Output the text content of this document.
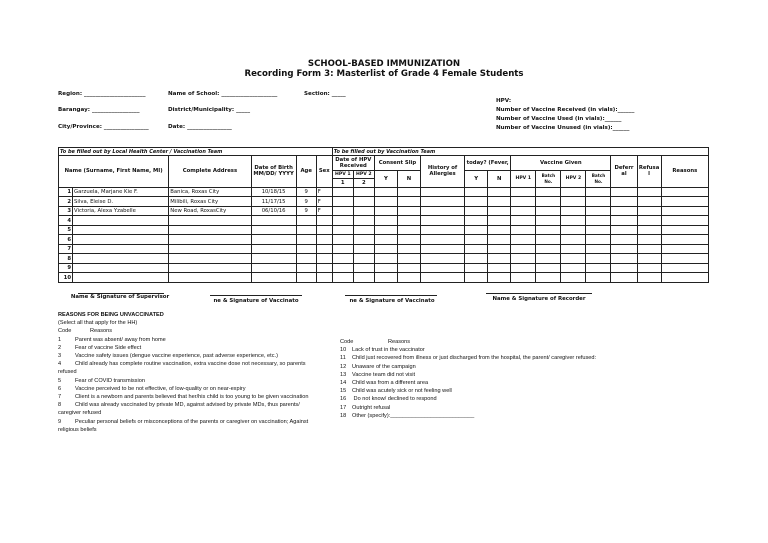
SCHOOL-BASED IMMUNIZATION
Recording Form 3: Masterlist of Grade 4 Female Students
Region: ______________________	Name of School: ____________________	Section: _____
Barangay: _________________	District/Municipality: _____
City/Province: ________________	Date: ________________
HPV:
Number of Vaccine Received (in vials):______
Number of Vaccine Used (in vials):______
Number of Vaccine Unused (in vials):______
To be filled out by Local Health Center / Vaccination Team						To be filled out by Vaccination Team													
Name (Surname, First Name, MI)		Complete Address	Date of Birth MM/DD/ YYYY	Age	Sex	Date of HPV Received		Consent Slip		History of Allergies	today? (Fever,		Vaccine Given				Deferr al	Refusa l	Reasons
						HPV 1	HPV 2	Y	N		Y	N	HPV 1	Batch No.	HPV 2	Batch No.			
						1	2												
1	Garzuela, Marjane Kie F.	Banica, Roxas City	10/18/15	9	F														
2	Silva, Eleise D.	Milibili, Roxas City	11/17/15	9	F														
3	Victoria, Alexa Yzabelle	New Road, RoxasCity	06/10/16	9	F														
4																			
5																			
6																			
7																			
8																			
9																			
10																			
Name & Signature of Supervisor
ne & Signature of Vaccinato	ne & Signature of Vaccinato	Name & Signature of Recorder
REASONS FOR BEING UNVACCINATED
(Select all that apply for the HH)
Code	Reasons
1 Parent was absent/ away from home
2 Fear of vaccine Side effect
3 Vaccine safety issues (dengue vaccine experience, past adverse experience, etc.)
4 Child already has complete routine vaccination, extra vaccine dose not necessary, so parents refused
5 Fear of COVID transmission
6 Vaccine perceived to be not effective, of low-quality or on near-expiry
7 Client is a newborn and parents believed that her/his child is too young to be given vaccination
8 Child was already vaccinated by private MD, against advised by private MDs, thus parents/ caregiver refused
9 Peculiar personal beliefs or misconceptions of the parents or caregiver on vaccination; Against religious beliefs
Code	Reasons
10 Lack of trust in the vaccinator
11 Child just recovered from illness or just discharged from the hospital, the parent/ caregiver refused:
12 Unaware of the campaign
13 Vaccine team did not visit
14 Child was from a different area
15 Child was acutely sick or not feeling well
16 Do not know/ declined to respond
17 Outright refusal
18 Other (specify):___________________________
